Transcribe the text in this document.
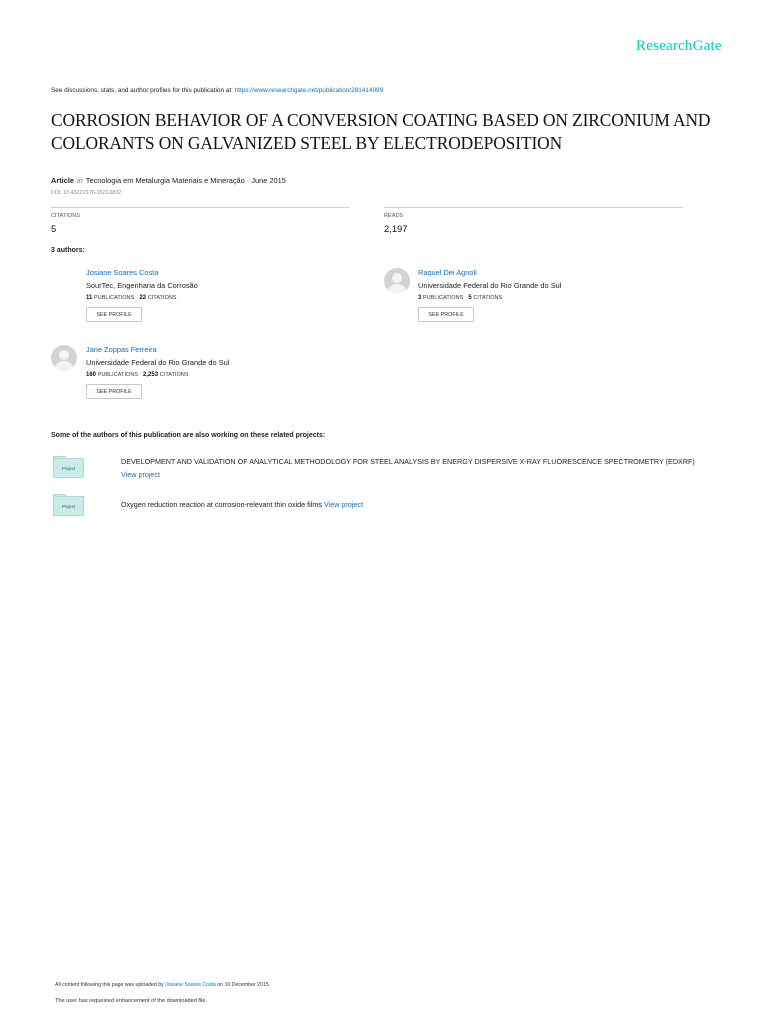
ResearchGate
See discussions, stats, and author profiles for this publication at: https://www.researchgate.net/publication/281414999
CORROSION BEHAVIOR OF A CONVERSION COATING BASED ON ZIRCONIUM AND COLORANTS ON GALVANIZED STEEL BY ELECTRODEPOSITION
Article in Tecnologia em Metalurgia Materiais e Mineração · June 2015
DOI: 10.4322/2176-1523.0832
CITATIONS
5
READS
2,197
3 authors:
Josiane Soares Costa
SourTec, Engenharia da Corrosão
11 PUBLICATIONS 22 CITATIONS
SEE PROFILE
Raquel Dei Agnoli
Universidade Federal do Rio Grande do Sul
3 PUBLICATIONS 5 CITATIONS
SEE PROFILE
Jane Zoppas Ferreira
Universidade Federal do Rio Grande do Sul
160 PUBLICATIONS 2,253 CITATIONS
SEE PROFILE
Some of the authors of this publication are also working on these related projects:
Project
DEVELOPMENT AND VALIDATION OF ANALYTICAL METHODOLOGY FOR STEEL ANALYSIS BY ENERGY DISPERSIVE X-RAY FLUORESCENCE SPECTROMETRY (EDXRF) View project
Project	Oxygen reduction reaction at corrosion-relevant thin oxide films View project
All content following this page was uploaded by Josiane Soares Costa on 10 December 2015.
The user has requested enhancement of the downloaded file.
